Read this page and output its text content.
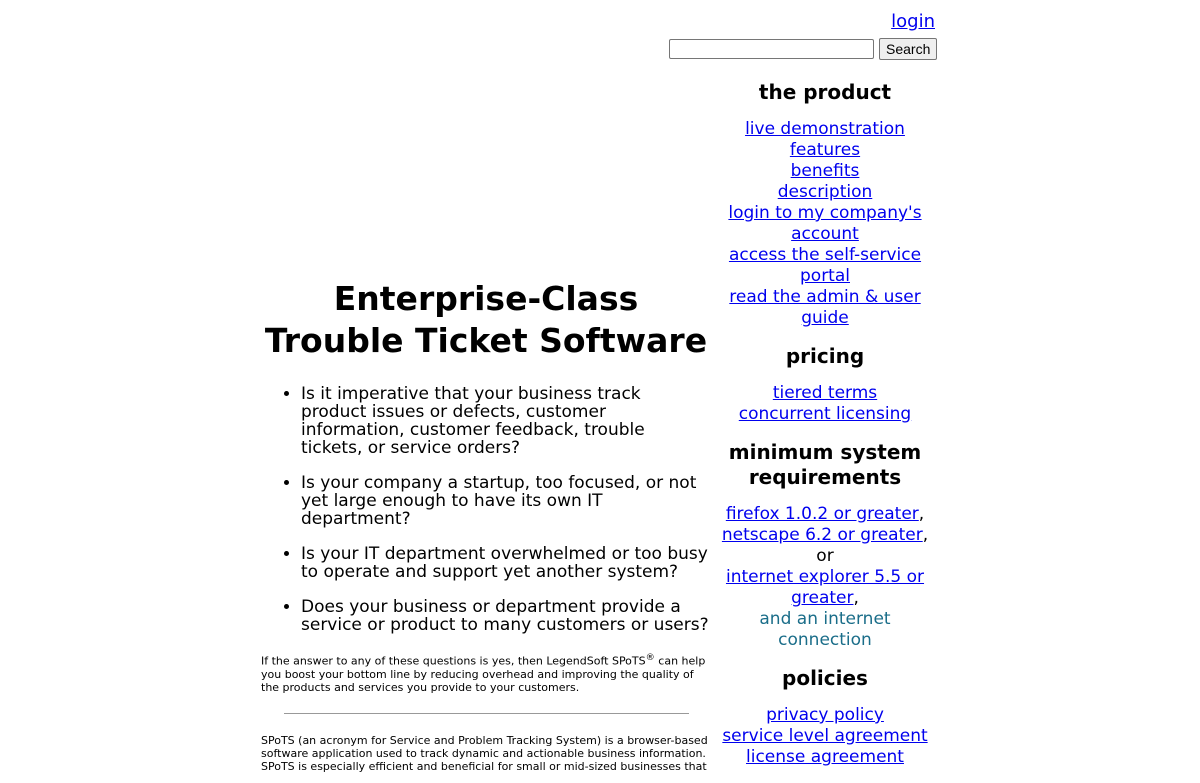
login
Search
the product
live demonstration
features
benefits
description
login to my company's account
access the self-service portal
read the admin & user guide
pricing
tiered terms
concurrent licensing
minimum system requirements
firefox 1.0.2 or greater,
netscape 6.2 or greater, or
internet explorer 5.5 or greater,
and an internet connection
policies
privacy policy
service level agreement
license agreement
Enterprise-Class Trouble Ticket Software
• Is it imperative that your business track product issues or defects, customer information, customer feedback, trouble tickets, or service orders?
• Is your company a startup, too focused, or not yet large enough to have its own IT department?
• Is your IT department overwhelmed or too busy to operate and support yet another system?
• Does your business or department provide a service or product to many customers or users?

If the answer to any of these questions is yes, then LegendSoft SPoTS® can help you boost your bottom line by reducing overhead and improving the quality of the products and services you provide to your customers.

SPoTS (an acronym for Service and Problem Tracking System) is a browser-based software application used to track dynamic and actionable business information. SPoTS is especially efficient and beneficial for small or mid-sized businesses that
